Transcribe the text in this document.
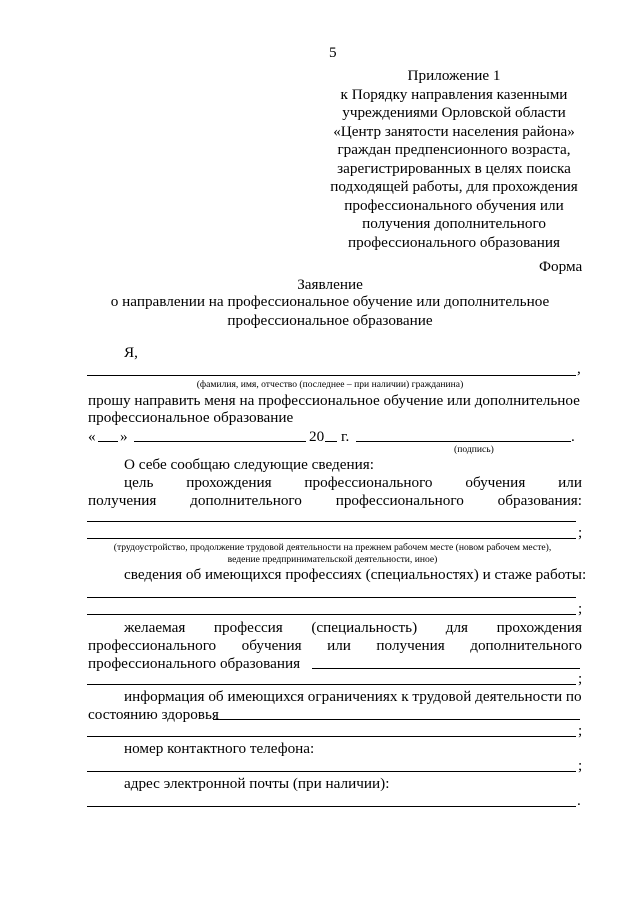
5
Приложение 1
к Порядку направления казенными
учреждениями Орловской области
«Центр занятости населения района»
граждан предпенсионного возраста,
зарегистрированных в целях поиска
подходящей работы, для прохождения
профессионального обучения или
получения дополнительного
профессионального образования
Форма
Заявление
о направлении на профессиональное обучение или дополнительное
профессиональное образование
Я,
,
(фамилия, имя, отчество (последнее – при наличии) гражданина)
прошу направить меня на профессиональное обучение или дополнительное
профессиональное образование
« »	20 г.	.
(подпись)
О себе сообщаю следующие сведения:
цель прохождения профессионального обучения или
получения дополнительного профессионального образования:
;
(трудоустройство, продолжение трудовой деятельности на прежнем рабочем месте (новом рабочем месте),
ведение предпринимательской деятельности, иное)
сведения об имеющихся профессиях (специальностях) и стаже работы:
;
желаемая профессия (специальность) для прохождения
профессионального обучения или получения дополнительного
профессионального образования
;
информация об имеющихся ограничениях к трудовой деятельности по
состоянию здоровья
;
номер контактного телефона:
;
адрес электронной почты (при наличии):
.
